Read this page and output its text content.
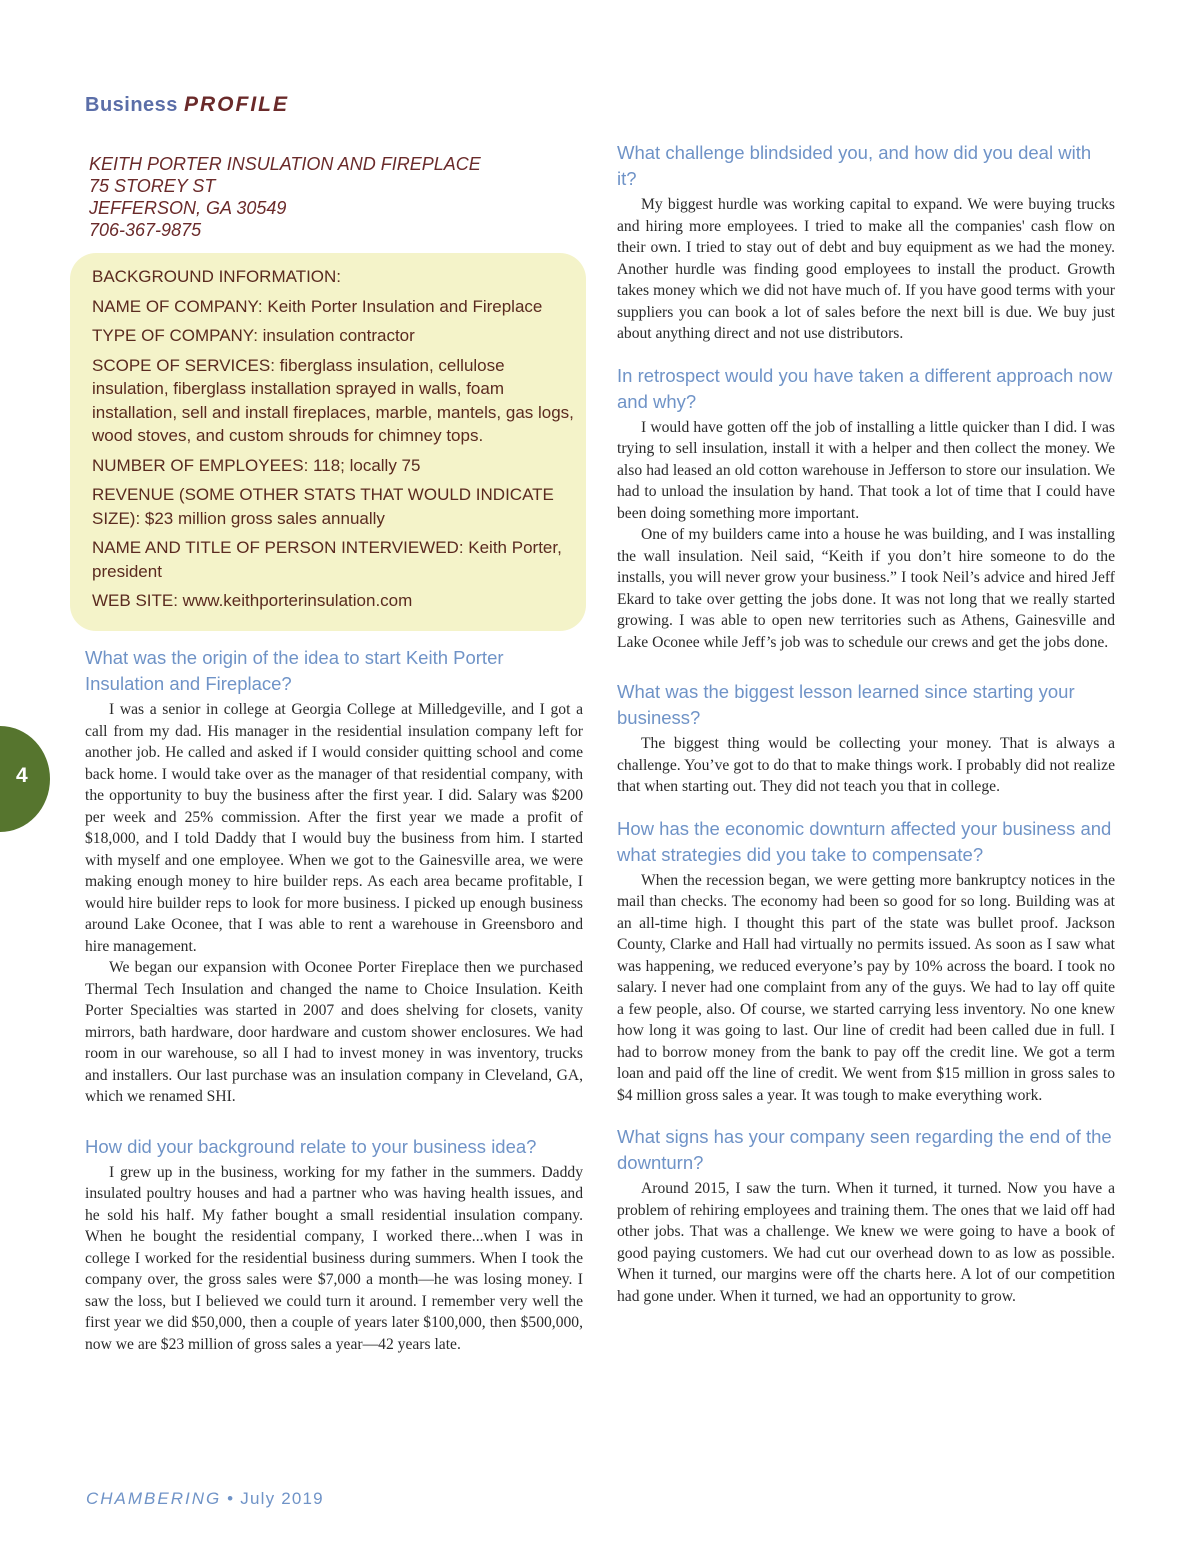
Business PROFILE
KEITH PORTER INSULATION AND FIREPLACE
75 STOREY ST
JEFFERSON, GA 30549
706-367-9875

BACKGROUND INFORMATION:

NAME OF COMPANY: Keith Porter Insulation and Fireplace

TYPE OF COMPANY: insulation contractor

SCOPE OF SERVICES: fiberglass insulation, cellulose insulation, fiberglass installation sprayed in walls, foam installation, sell and install fireplaces, marble, mantels, gas logs, wood stoves, and custom shrouds for chimney tops.

NUMBER OF EMPLOYEES: 118; locally 75

REVENUE (SOME OTHER STATS THAT WOULD INDICATE SIZE): $23 million gross sales annually

NAME AND TITLE OF PERSON INTERVIEWED: Keith Porter, president

WEB SITE: www.keithporterinsulation.com

What was the origin of the idea to start Keith Porter Insulation and Fireplace?

I was a senior in college at Georgia College at Milledgeville, and I got a call from my dad. His manager in the residential insulation company left for another job. He called and asked if I would consider quitting school and come back home. I would take over as the manager of that residential company, with the opportunity to buy the business after the first year. I did. Salary was $200 per week and 25% commission. After the first year we made a profit of $18,000, and I told Daddy that I would buy the business from him. I started with myself and one employee. When we got to the Gainesville area, we were making enough money to hire builder reps. As each area became profitable, I would hire builder reps to look for more business. I picked up enough business around Lake Oconee, that I was able to rent a warehouse in Greensboro and hire management.

We began our expansion with Oconee Porter Fireplace then we purchased Thermal Tech Insulation and changed the name to Choice Insulation. Keith Porter Specialties was started in 2007 and does shelving for closets, vanity mirrors, bath hardware, door hardware and custom shower enclosures. We had room in our warehouse, so all I had to invest money in was inventory, trucks and installers. Our last purchase was an insulation company in Cleveland, GA, which we renamed SHI.

How did your background relate to your business idea?

I grew up in the business, working for my father in the summers. Daddy insulated poultry houses and had a partner who was having health issues, and he sold his half. My father bought a small residential insulation company. When he bought the residential company, I worked there...when I was in college I worked for the residential business during summers. When I took the company over, the gross sales were $7,000 a month—he was losing money. I saw the loss, but I believed we could turn it around. I remember very well the first year we did $50,000, then a couple of years later $100,000, then $500,000, now we are $23 million of gross sales a year—42 years late.

What challenge blindsided you, and how did you deal with it?

My biggest hurdle was working capital to expand. We were buying trucks and hiring more employees. I tried to make all the companies' cash flow on their own. I tried to stay out of debt and buy equipment as we had the money. Another hurdle was finding good employees to install the product. Growth takes money which we did not have much of. If you have good terms with your suppliers you can book a lot of sales before the next bill is due. We buy just about anything direct and not use distributors.

In retrospect would you have taken a different approach now and why?

I would have gotten off the job of installing a little quicker than I did. I was trying to sell insulation, install it with a helper and then collect the money. We also had leased an old cotton warehouse in Jefferson to store our insulation. We had to unload the insulation by hand. That took a lot of time that I could have been doing something more important.

One of my builders came into a house he was building, and I was installing the wall insulation. Neil said, “Keith if you don’t hire someone to do the installs, you will never grow your business.” I took Neil’s advice and hired Jeff Ekard to take over getting the jobs done. It was not long that we really started growing. I was able to open new territories such as Athens, Gainesville and Lake Oconee while Jeff’s job was to schedule our crews and get the jobs done.

What was the biggest lesson learned since starting your business?

The biggest thing would be collecting your money. That is always a challenge. You’ve got to do that to make things work. I probably did not realize that when starting out. They did not teach you that in college.

How has the economic downturn affected your business and what strategies did you take to compensate?

When the recession began, we were getting more bankruptcy notices in the mail than checks. The economy had been so good for so long. Building was at an all-time high. I thought this part of the state was bullet proof. Jackson County, Clarke and Hall had virtually no permits issued. As soon as I saw what was happening, we reduced everyone’s pay by 10% across the board. I took no salary. I never had one complaint from any of the guys. We had to lay off quite a few people, also. Of course, we started carrying less inventory. No one knew how long it was going to last. Our line of credit had been called due in full. I had to borrow money from the bank to pay off the credit line. We got a term loan and paid off the line of credit. We went from $15 million in gross sales to $4 million gross sales a year. It was tough to make everything work.

What signs has your company seen regarding the end of the downturn?

Around 2015, I saw the turn. When it turned, it turned. Now you have a problem of rehiring employees and training them. The ones that we laid off had other jobs. That was a challenge. We knew we were going to have a book of good paying customers. We had cut our overhead down to as low as possible. When it turned, our margins were off the charts here. A lot of our competition had gone under. When it turned, we had an opportunity to grow.

4

CHAMBERING • July 2019
